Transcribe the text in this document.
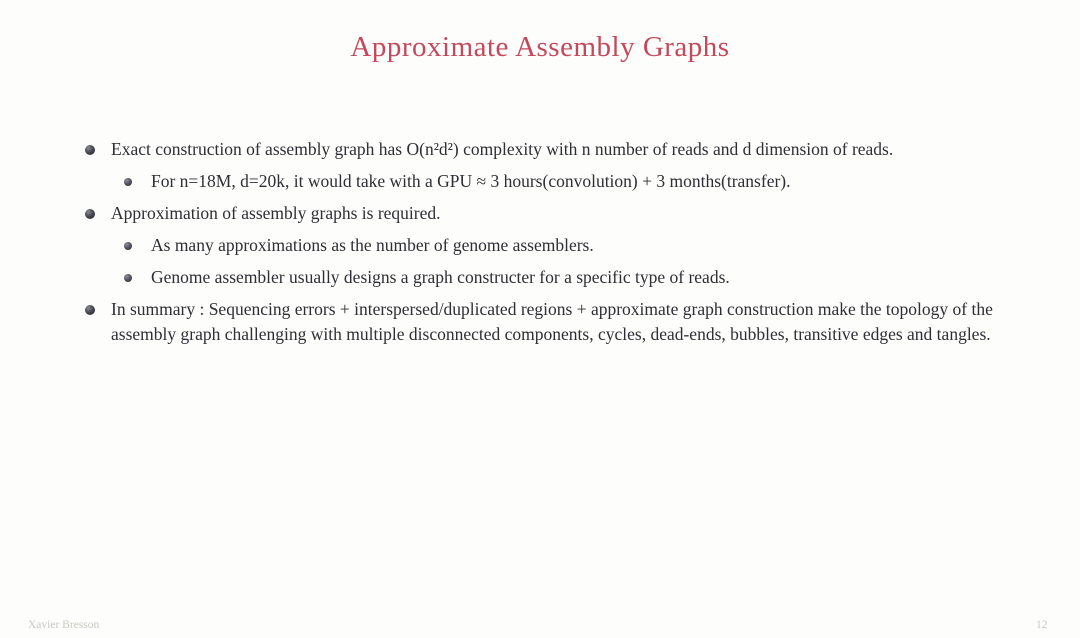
Approximate Assembly Graphs
Exact construction of assembly graph has O(n²d²) complexity with n number of reads and d dimension of reads.
For n=18M, d=20k, it would take with a GPU ≈ 3 hours(convolution) + 3 months(transfer).
Approximation of assembly graphs is required.
As many approximations as the number of genome assemblers.
Genome assembler usually designs a graph constructer for a specific type of reads.
In summary : Sequencing errors + interspersed/duplicated regions + approximate graph construction make the topology of the assembly graph challenging with multiple disconnected components, cycles, dead-ends, bubbles, transitive edges and tangles.
Xavier Bresson	12
